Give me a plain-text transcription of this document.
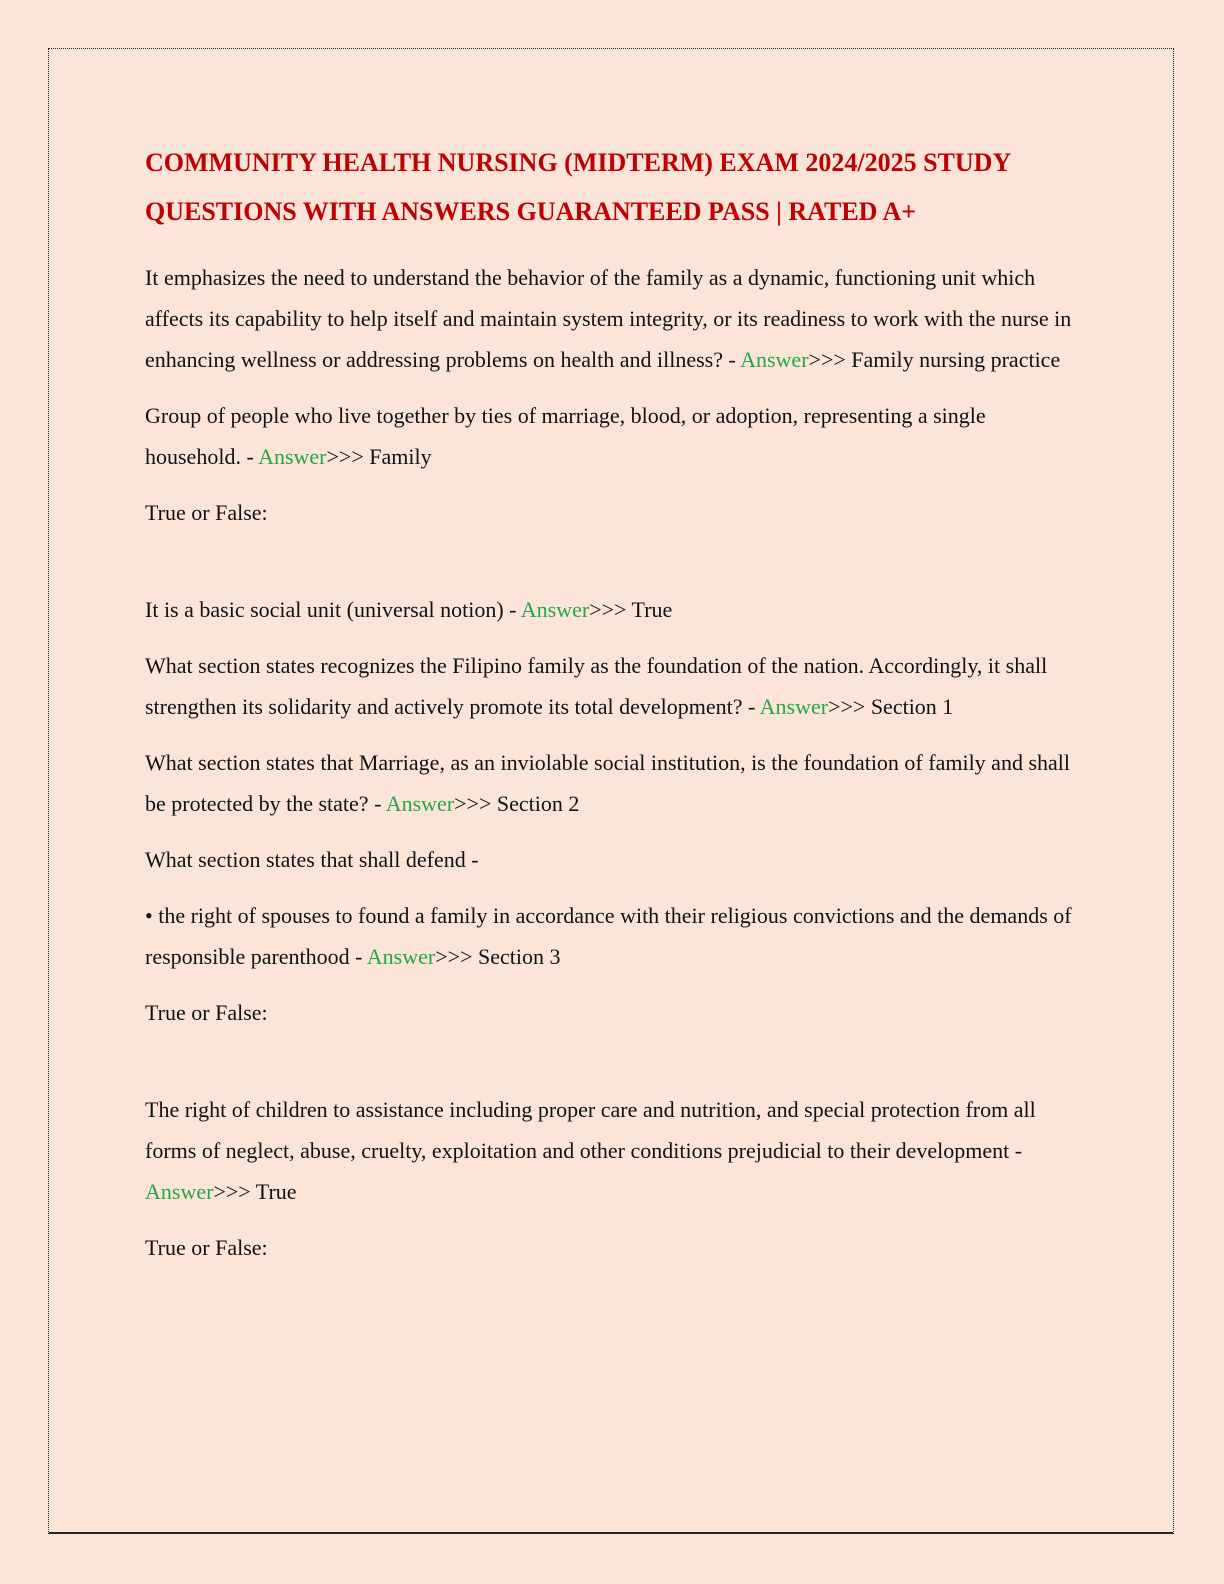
COMMUNITY HEALTH NURSING (MIDTERM) EXAM 2024/2025 STUDY QUESTIONS WITH ANSWERS GUARANTEED PASS | RATED A+

It emphasizes the need to understand the behavior of the family as a dynamic, functioning unit which affects its capability to help itself and maintain system integrity, or its readiness to work with the nurse in enhancing wellness or addressing problems on health and illness? - Answer>>> Family nursing practice

Group of people who live together by ties of marriage, blood, or adoption, representing a single household. - Answer>>> Family

True or False:

It is a basic social unit (universal notion) - Answer>>> True

What section states recognizes the Filipino family as the foundation of the nation. Accordingly, it shall strengthen its solidarity and actively promote its total development? - Answer>>> Section 1

What section states that Marriage, as an inviolable social institution, is the foundation of family and shall be protected by the state? - Answer>>> Section 2

What section states that shall defend -

• the right of spouses to found a family in accordance with their religious convictions and the demands of responsible parenthood - Answer>>> Section 3

True or False:

The right of children to assistance including proper care and nutrition, and special protection from all forms of neglect, abuse, cruelty, exploitation and other conditions prejudicial to their development - Answer>>> True

True or False:
